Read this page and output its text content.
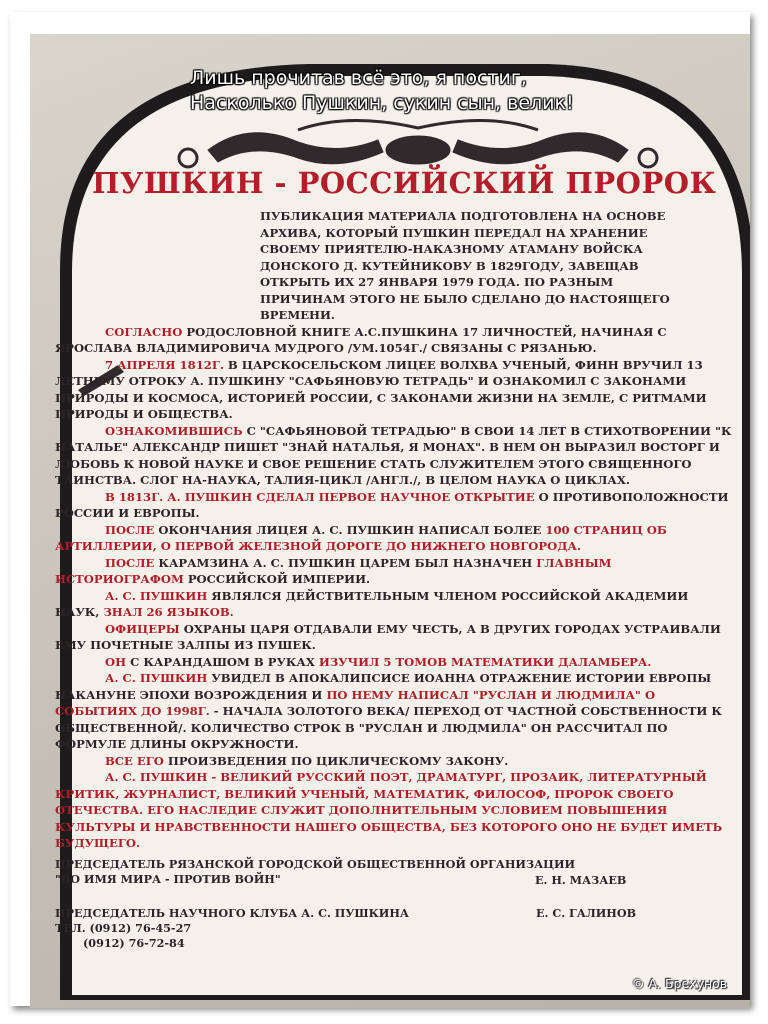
Лишь прочитав всё это, я постиг,
Насколько Пушкин, сукин сын, велик!
ПУШКИН - РОССИЙСКИЙ ПРОРОК

ПУБЛИКАЦИЯ МАТЕРИАЛА ПОДГОТОВЛЕНА НА ОСНОВЕ АРХИВА, КОТОРЫЙ ПУШКИН ПЕРЕДАЛ НА ХРАНЕНИЕ СВОЕМУ ПРИЯТЕЛЮ-НАКАЗНОМУ АТАМАНУ ВОЙСКА ДОНСКОГО Д. КУТЕЙНИКОВУ В 1829ГОДУ, ЗАВЕЩАВ ОТКРЫТЬ ИХ 27 ЯНВАРЯ 1979 ГОДА. ПО РАЗНЫМ ПРИЧИНАМ ЭТОГО НЕ БЫЛО СДЕЛАНО ДО НАСТОЯЩЕГО ВРЕМЕНИ.

СОГЛАСНО РОДОСЛОВНОЙ КНИГЕ А.С.ПУШКИНА 17 ЛИЧНОСТЕЙ, НАЧИНАЯ С ЯРОСЛАВА ВЛАДИМИРОВИЧА МУДРОГО /УМ.1054Г./ СВЯЗАНЫ С РЯЗАНЬЮ.

7 АПРЕЛЯ 1812Г. В ЦАРСКОСЕЛЬСКОМ ЛИЦЕЕ ВОЛХВА УЧЕНЫЙ, ФИНН ВРУЧИЛ 13 ЛЕТНЕМУ ОТРОКУ А. ПУШКИНУ "САФЬЯНОВУЮ ТЕТРАДЬ" И ОЗНАКОМИЛ С ЗАКОНАМИ ПРИРОДЫ И КОСМОСА, ИСТОРИЕЙ РОССИИ, С ЗАКОНАМИ ЖИЗНИ НА ЗЕМЛЕ, С РИТМАМИ ПРИРОДЫ И ОБЩЕСТВА.

ОЗНАКОМИВШИСЬ С "САФЬЯНОВОЙ ТЕТРАДЬЮ" В СВОИ 14 ЛЕТ В СТИХОТВОРЕНИИ "К НАТАЛЬЕ" АЛЕКСАНДР ПИШЕТ "ЗНАЙ НАТАЛЬЯ, Я МОНАХ". В НЕМ ОН ВЫРАЗИЛ ВОСТОРГ И ЛЮБОВЬ К НОВОЙ НАУКЕ И СВОЕ РЕШЕНИЕ СТАТЬ СЛУЖИТЕЛЕМ ЭТОГО СВЯЩЕННОГО ТАИНСТВА. СЛОГ НА-НАУКА, ТАЛИЯ-ЦИКЛ /АНГЛ./, В ЦЕЛОМ НАУКА О ЦИКЛАХ.

В 1813Г. А. ПУШКИН СДЕЛАЛ ПЕРВОЕ НАУЧНОЕ ОТКРЫТИЕ О ПРОТИВОПОЛОЖНОСТИ РОССИИ И ЕВРОПЫ.

ПОСЛЕ ОКОНЧАНИЯ ЛИЦЕЯ А. С. ПУШКИН НАПИСАЛ БОЛЕЕ 100 СТРАНИЦ ОБ АРТИЛЛЕРИИ, О ПЕРВОЙ ЖЕЛЕЗНОЙ ДОРОГЕ ДО НИЖНЕГО НОВГОРОДА.

ПОСЛЕ КАРАМЗИНА А. С. ПУШКИН ЦАРЕМ БЫЛ НАЗНАЧЕН ГЛАВНЫМ ИСТОРИОГРАФОМ РОССИЙСКОЙ ИМПЕРИИ.

А. С. ПУШКИН ЯВЛЯЛСЯ ДЕЙСТВИТЕЛЬНЫМ ЧЛЕНОМ РОССИЙСКОЙ АКАДЕМИИ НАУК, ЗНАЛ 26 ЯЗЫКОВ.

ОФИЦЕРЫ ОХРАНЫ ЦАРЯ ОТДАВАЛИ ЕМУ ЧЕСТЬ, А В ДРУГИХ ГОРОДАХ УСТРАИВАЛИ ЕМУ ПОЧЕТНЫЕ ЗАЛПЫ ИЗ ПУШЕК.

ОН С КАРАНДАШОМ В РУКАХ ИЗУЧИЛ 5 ТОМОВ МАТЕМАТИКИ ДАЛАМБЕРА.

А. С. ПУШКИН УВИДЕЛ В АПОКАЛИПСИСЕ ИОАННА ОТРАЖЕНИЕ ИСТОРИИ ЕВРОПЫ НАКАНУНЕ ЭПОХИ ВОЗРОЖДЕНИЯ И ПО НЕМУ НАПИСАЛ "РУСЛАН И ЛЮДМИЛА" О СОБЫТИЯХ ДО 1998Г. - НАЧАЛА ЗОЛОТОГО ВЕКА/ ПЕРЕХОД ОТ ЧАСТНОЙ СОБСТВЕННОСТИ К ОБЩЕСТВЕННОЙ/. КОЛИЧЕСТВО СТРОК В "РУСЛАН И ЛЮДМИЛА" ОН РАССЧИТАЛ ПО ФОРМУЛЕ ДЛИНЫ ОКРУЖНОСТИ.

ВСЕ ЕГО ПРОИЗВЕДЕНИЯ ПО ЦИКЛИЧЕСКОМУ ЗАКОНУ.

А. С. ПУШКИН - ВЕЛИКИЙ РУССКИЙ ПОЭТ, ДРАМАТУРГ, ПРОЗАИК, ЛИТЕРАТУРНЫЙ КРИТИК, ЖУРНАЛИСТ, ВЕЛИКИЙ УЧЕНЫЙ, МАТЕМАТИК, ФИЛОСОФ, ПРОРОК СВОЕГО ОТЕЧЕСТВА. ЕГО НАСЛЕДИЕ СЛУЖИТ ДОПОЛНИТЕЛЬНЫМ УСЛОВИЕМ ПОВЫШЕНИЯ КУЛЬТУРЫ И НРАВСТВЕННОСТИ НАШЕГО ОБЩЕСТВА, БЕЗ КОТОРОГО ОНО НЕ БУДЕТ ИМЕТЬ БУДУЩЕГО.

ПРЕДСЕДАТЕЛЬ РЯЗАНСКОЙ ГОРОДСКОЙ ОБЩЕСТВЕННОЙ ОРГАНИЗАЦИИ
"ВО ИМЯ МИРА - ПРОТИВ ВОЙН"	Е. Н. МАЗАЕВ
ПРЕДСЕДАТЕЛЬ НАУЧНОГО КЛУБА А. С. ПУШКИНА
ТЕЛ. (0912) 76-45-27
(0912) 76-72-84
Е. С. ГАЛИНОВ
© А. Брехунов
